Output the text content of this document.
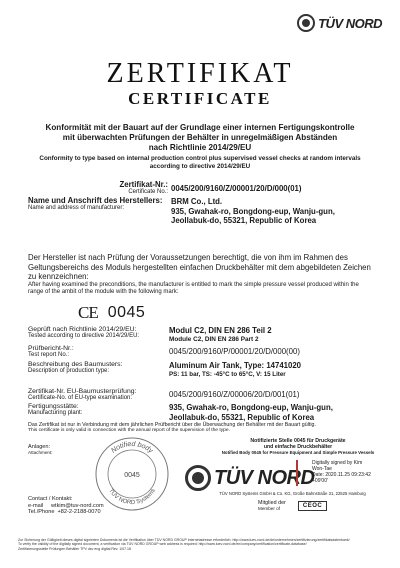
TÜV NORD
ZERTIFIKAT
CERTIFICATE
Konformität mit der Bauart auf der Grundlage einer internen Fertigungskontrolle
mit überwachten Prüfungen der Behälter in unregelmäßigen Abständen
nach Richtlinie 2014/29/EU
Conformity to type based on internal production control plus supervised vessel checks at random intervals
according to directive 2014/29/EU
Zertifikat-Nr.:
Certificate No.: 0045/200/9160/Z/00001/20/D/000(01)
Name und Anschrift des Herstellers:
Name and address of manufacturer:
BRM Co., Ltd.
935, Gwahak-ro, Bongdong-eup, Wanju-gun,
Jeollabuk-do, 55321, Republic of Korea
Der Hersteller ist nach Prüfung der Voraussetzungen berechtigt, die von ihm im Rahmen des Geltungsbereichs des Moduls hergestellten einfachen Druckbehälter mit dem abgebildeten Zeichen zu kennzeichnen:
After having examined the preconditions, the manufacturer is entitled to mark the simple pressure vessel produced within the range of the ambit of the module with the following mark:
CE 0045
Geprüft nach Richtlinie 2014/29/EU:
Tested according to directive 2014/29/EU:
Modul C2, DIN EN 286 Teil 2
Module C2, DIN EN 286 Part 2
Prüfbericht-Nr.:
Test report No.:	0045/200/9160/P/00001/20/D/000(00)
Beschreibung des Baumusters:
Description of production type:
Aluminum Air Tank, Type: 14741020
PS: 11 bar, TS: -45°C to 65°C, V: 15 Liter
Zertifikat-Nr. EU-Baumusterprüfung:
Certificate-No. of EU-type examination:	0045/200/9160/Z/00006/20/D/001(01)
Fertigungsstätte:
Manufacturing plant:
935, Gwahak-ro, Bongdong-eup, Wanju-gun,
Jeollabuk-do, 55321, Republic of Korea
Das Zertifikat ist nur in Verbindung mit dem jährlichen Prüfbericht über die Überwachung der Behälter mit der Bauart gültig.
This certificate is only valid in connection with the annual report of the supervision of the type.
Anlagen:
Attachment:	Notified body
0045
TÜV NORD Systems
Notifizierte Stelle 0045 für Druckgeräte
und einfache Druckbehälter
Notified Body 0045 for Pressure Equipment and Simple Pressure Vessels
TÜV NORD
Digitally signed by Kim
Won-Tae
Date: 2020.11.25 09:23:42
+09'00'
TÜV NORD Systems GmbH & Co. KG, Große Bahnstraße 31, 22525 Hamburg
Mitglied der
Member of	CEOC
Contact / Kontakt:
e-mail     wtkim@tuv-nord.com
Tel./Phone  +82-2-2188-0070
Zur Sicherung der Gültigkeit dieses digital signierten Dokuments ist die Verifikation über TÜV NORD GROUP Internetadresse erforderlich: http://www.tuev-nord.de/de/unternehmen/zertifizierung/zertifikatsdatenbank/
To verify the validity of the digitally signed document, a verification via TÜV NORD GROUP web address is required: http://www.tuev-nord.de/en/company/certification/certificate-database/
Zertifizierungsstelle Prüfungen Behälter TPV dsv eng digital Rev. 1/07.18
